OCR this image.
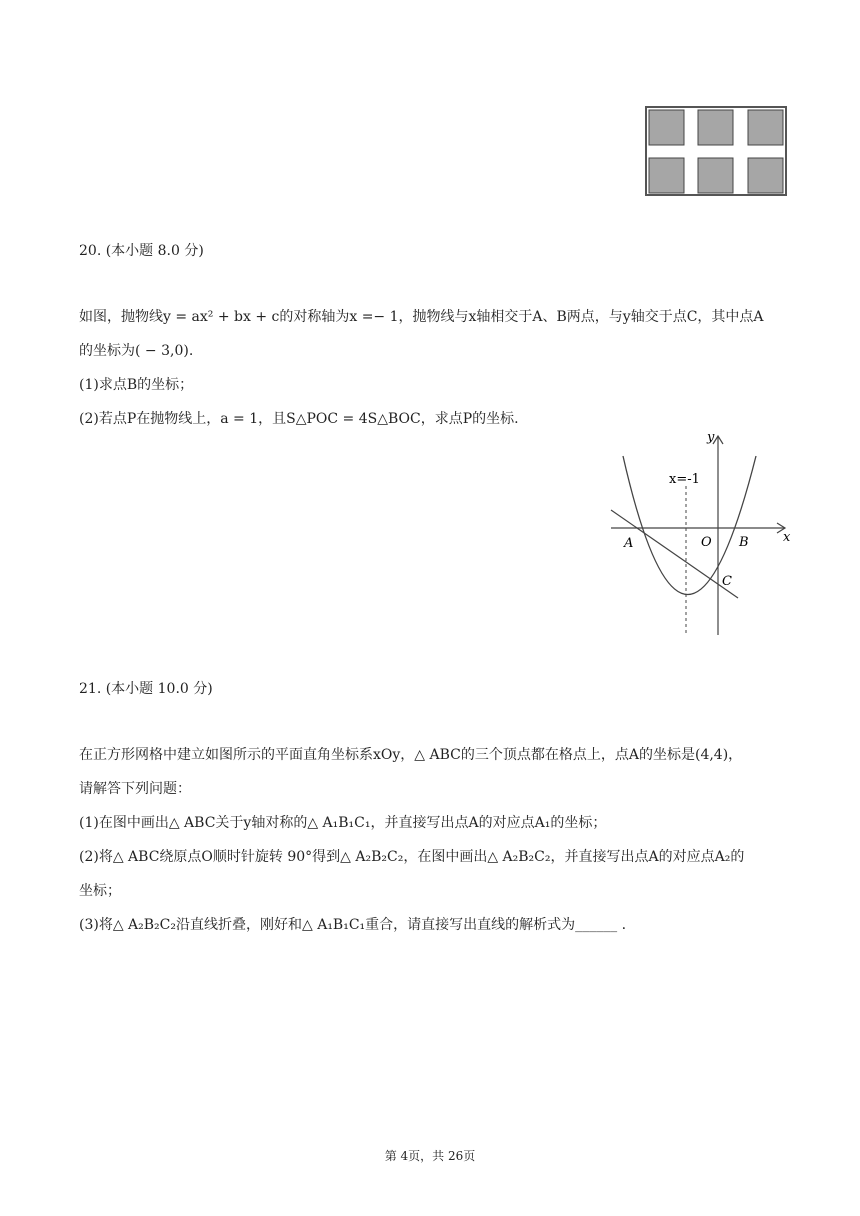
20. (本小题 8.0 分)
如图，抛物线y = ax² + bx + c的对称轴为x =− 1，抛物线与x轴相交于A、B两点，与y轴交于点C，其中点A
的坐标为( − 3,0).
(1)求点B的坐标；
(2)若点P在抛物线上，a = 1，且S△POC = 4S△BOC，求点P的坐标.
y
x
x=-1
A	O B
C
21. (本小题 10.0 分)
在正方形网格中建立如图所示的平面直角坐标系xOy，△ ABC的三个顶点都在格点上，点A的坐标是(4,4)，
请解答下列问题：
(1)在图中画出△ ABC关于y轴对称的△ A₁B₁C₁，并直接写出点A的对应点A₁的坐标；
(2)将△ ABC绕原点O顺时针旋转 90°得到△ A₂B₂C₂，在图中画出△ A₂B₂C₂，并直接写出点A的对应点A₂的
坐标；
(3)将△ A₂B₂C₂沿直线折叠，刚好和△ A₁B₁C₁重合，请直接写出直线的解析式为______ .
第 4页，共 26页
